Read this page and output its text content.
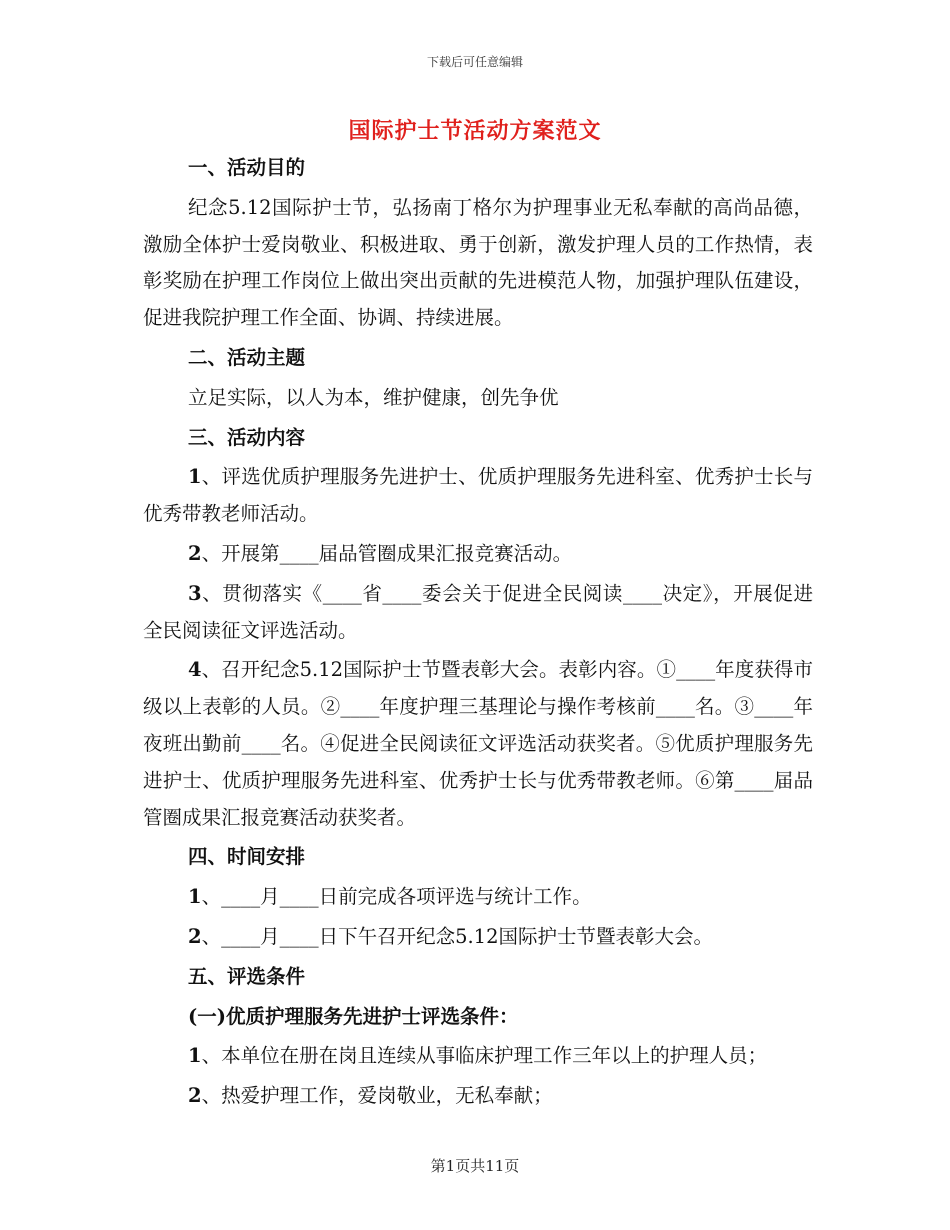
下载后可任意编辑
国际护士节活动方案范文
一、活动目的
纪念5.12国际护士节，弘扬南丁格尔为护理事业无私奉献的高尚品德，激励全体护士爱岗敬业、积极进取、勇于创新，激发护理人员的工作热情，表彰奖励在护理工作岗位上做出突出贡献的先进模范人物，加强护理队伍建设，促进我院护理工作全面、协调、持续进展。
二、活动主题
立足实际，以人为本，维护健康，创先争优
三、活动内容
1、评选优质护理服务先进护士、优质护理服务先进科室、优秀护士长与优秀带教老师活动。
2、开展第____届品管圈成果汇报竞赛活动。
3、贯彻落实《____省____委会关于促进全民阅读____决定》，开展促进全民阅读征文评选活动。
4、召开纪念5.12国际护士节暨表彰大会。表彰内容。①____年度获得市级以上表彰的人员。②____年度护理三基理论与操作考核前____名。③____年夜班出勤前____名。④促进全民阅读征文评选活动获奖者。⑤优质护理服务先进护士、优质护理服务先进科室、优秀护士长与优秀带教老师。⑥第____届品管圈成果汇报竞赛活动获奖者。
四、时间安排
1、____月____日前完成各项评选与统计工作。
2、____月____日下午召开纪念5.12国际护士节暨表彰大会。
五、评选条件
(一)优质护理服务先进护士评选条件：
1、本单位在册在岗且连续从事临床护理工作三年以上的护理人员；
2、热爱护理工作，爱岗敬业，无私奉献；
第1页共11页
